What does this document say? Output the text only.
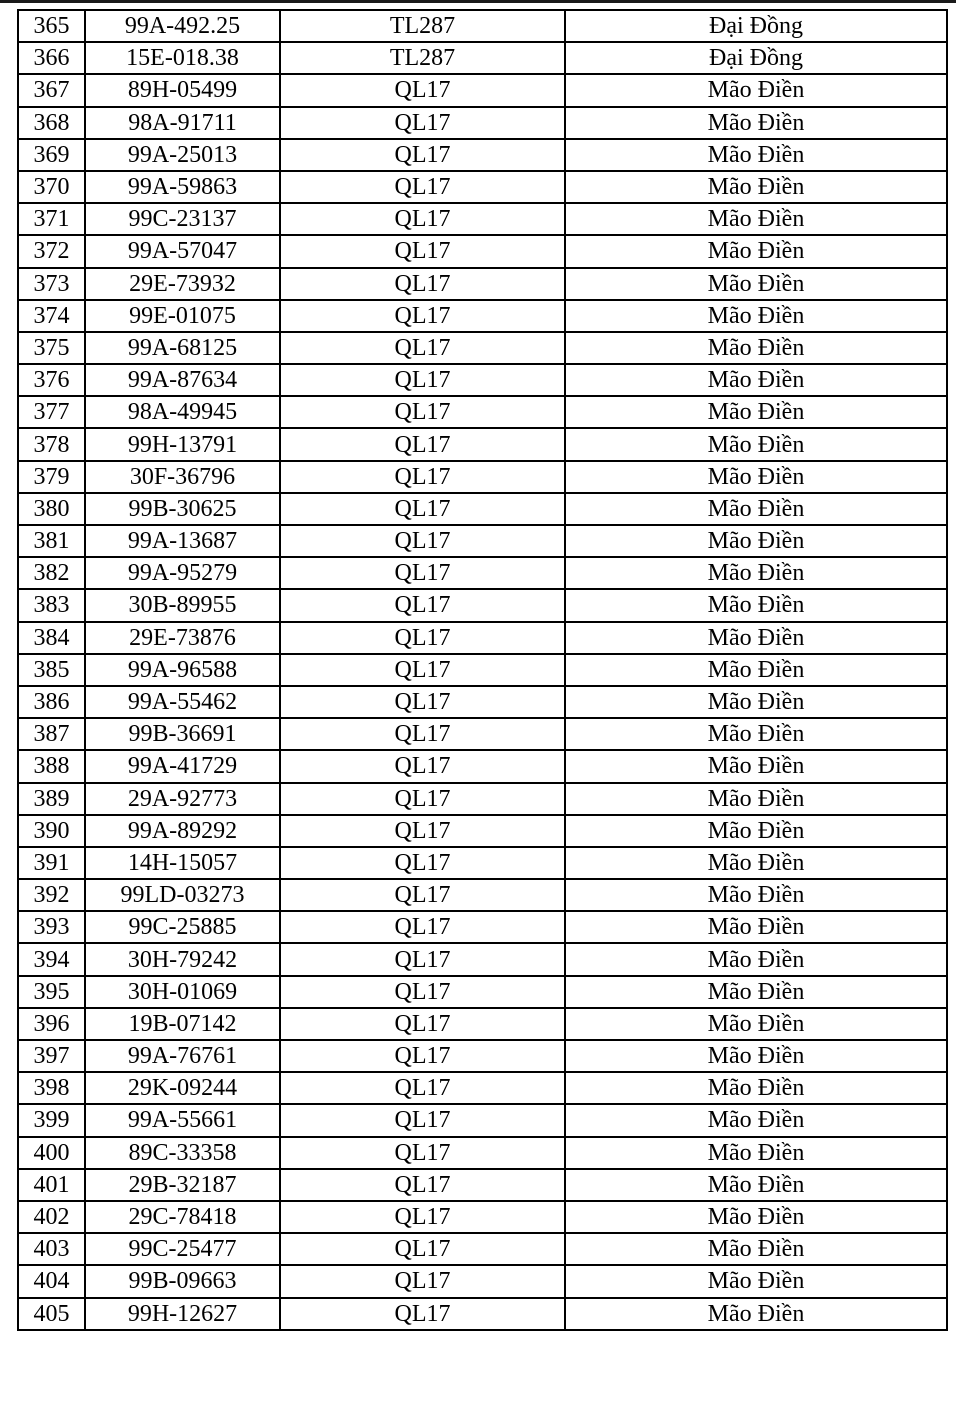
365	99A-492.25	TL287	Đại Đồng
366	15E-018.38	TL287	Đại Đồng
367	89H-05499	QL17	Mão Điền
368	98A-91711	QL17	Mão Điền
369	99A-25013	QL17	Mão Điền
370	99A-59863	QL17	Mão Điền
371	99C-23137	QL17	Mão Điền
372	99A-57047	QL17	Mão Điền
373	29E-73932	QL17	Mão Điền
374	99E-01075	QL17	Mão Điền
375	99A-68125	QL17	Mão Điền
376	99A-87634	QL17	Mão Điền
377	98A-49945	QL17	Mão Điền
378	99H-13791	QL17	Mão Điền
379	30F-36796	QL17	Mão Điền
380	99B-30625	QL17	Mão Điền
381	99A-13687	QL17	Mão Điền
382	99A-95279	QL17	Mão Điền
383	30B-89955	QL17	Mão Điền
384	29E-73876	QL17	Mão Điền
385	99A-96588	QL17	Mão Điền
386	99A-55462	QL17	Mão Điền
387	99B-36691	QL17	Mão Điền
388	99A-41729	QL17	Mão Điền
389	29A-92773	QL17	Mão Điền
390	99A-89292	QL17	Mão Điền
391	14H-15057	QL17	Mão Điền
392	99LD-03273	QL17	Mão Điền
393	99C-25885	QL17	Mão Điền
394	30H-79242	QL17	Mão Điền
395	30H-01069	QL17	Mão Điền
396	19B-07142	QL17	Mão Điền
397	99A-76761	QL17	Mão Điền
398	29K-09244	QL17	Mão Điền
399	99A-55661	QL17	Mão Điền
400	89C-33358	QL17	Mão Điền
401	29B-32187	QL17	Mão Điền
402	29C-78418	QL17	Mão Điền
403	99C-25477	QL17	Mão Điền
404	99B-09663	QL17	Mão Điền
405	99H-12627	QL17	Mão Điền
